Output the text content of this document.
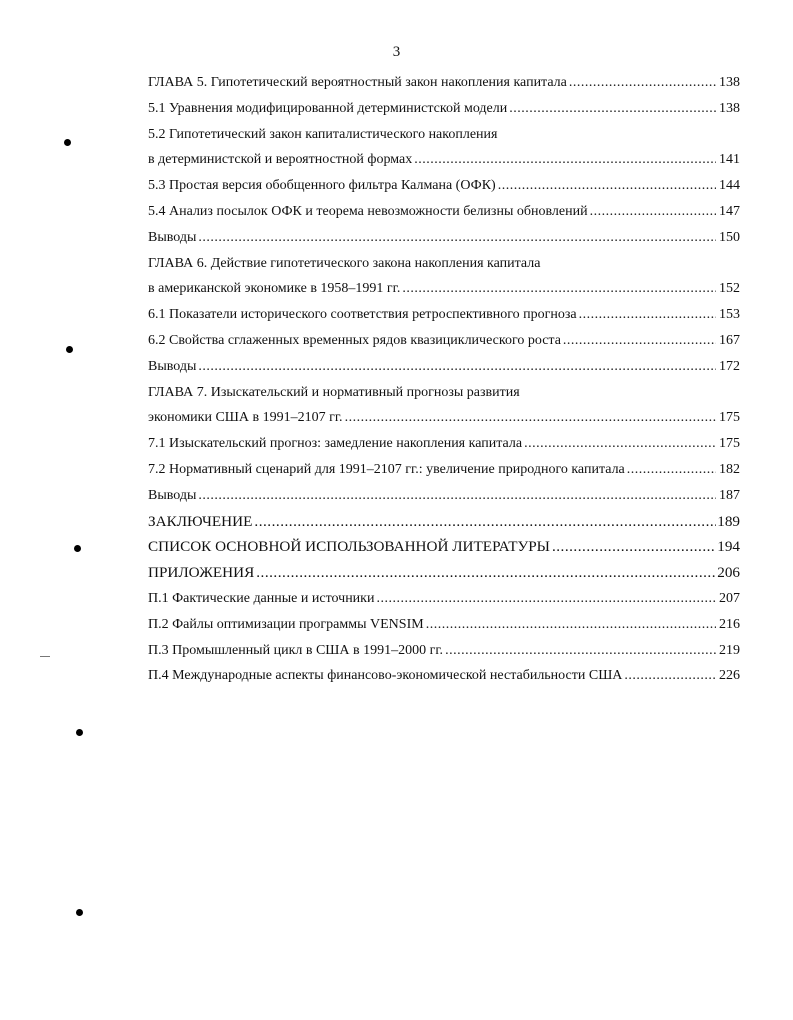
3
ГЛАВА 5. Гипотетический вероятностный закон накопления капитала .....	138
5.1 Уравнения модифицированной детерминистской модели .....	138
5.2 Гипотетический закон капиталистического накопления
в детерминистской и вероятностной формах .....	141
5.3 Простая версия обобщенного фильтра Калмана (ОФК) .....	144
5.4 Анализ посылок ОФК и теорема невозможности белизны обновлений .....	147
Выводы .....	150
ГЛАВА 6. Действие гипотетического закона накопления капитала
в американской экономике в 1958–1991 гг. .....	152
6.1 Показатели исторического соответствия ретроспективного прогноза .....	153
6.2 Свойства сглаженных временных рядов квазициклического роста .....	167
Выводы .....	172
ГЛАВА 7. Изыскательский и нормативный прогнозы развития
экономики США в 1991–2107 гг. .....	175
7.1 Изыскательский прогноз: замедление накопления капитала .....	175
7.2 Нормативный сценарий для 1991–2107 гг.: увеличение природного капитала .....	182
Выводы .....	187
ЗАКЛЮЧЕНИЕ .....	189
СПИСОК ОСНОВНОЙ ИСПОЛЬЗОВАННОЙ ЛИТЕРАТУРЫ .....	194
ПРИЛОЖЕНИЯ .....	206
П.1 Фактические данные и источники .....	207
П.2 Файлы оптимизации программы VENSIM .....	216
П.3 Промышленный цикл в США в 1991–2000 гг. .....	219
П.4 Международные аспекты финансово-экономической нестабильности США .....	226
